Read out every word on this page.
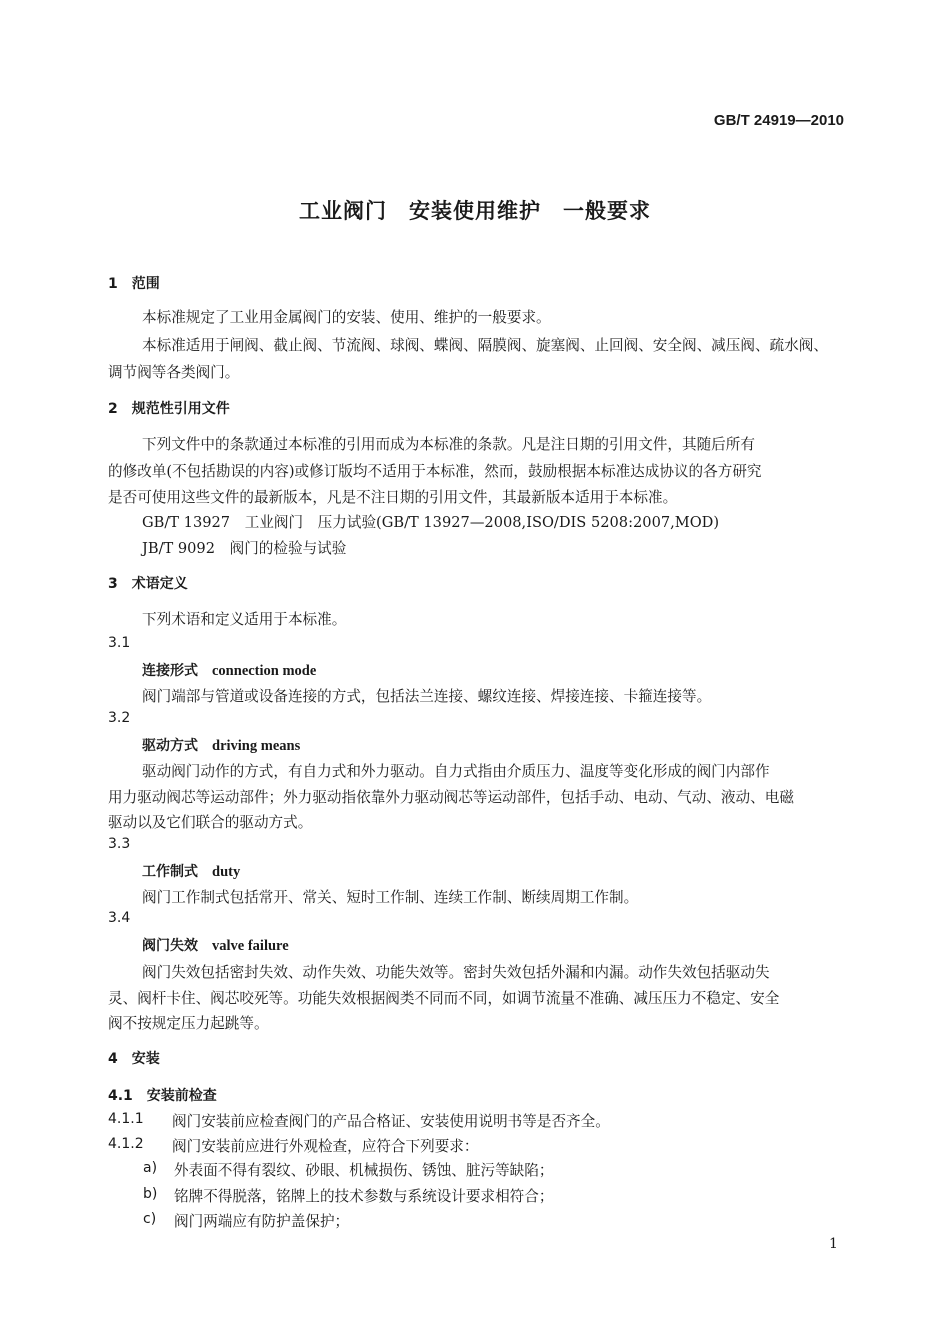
GB/T 24919—2010
工业阀门　安装使用维护　一般要求
1　范围
本标准规定了工业用金属阀门的安装、使用、维护的一般要求。
本标准适用于闸阀、截止阀、节流阀、球阀、蝶阀、隔膜阀、旋塞阀、止回阀、安全阀、减压阀、疏水阀、
调节阀等各类阀门。
2　规范性引用文件
下列文件中的条款通过本标准的引用而成为本标准的条款。凡是注日期的引用文件，其随后所有
的修改单(不包括勘误的内容)或修订版均不适用于本标准，然而，鼓励根据本标准达成协议的各方研究
是否可使用这些文件的最新版本，凡是不注日期的引用文件，其最新版本适用于本标准。
GB/T 13927　工业阀门　压力试验(GB/T 13927—2008,ISO/DIS 5208:2007,MOD)
JB/T 9092　阀门的检验与试验
3　术语定义
下列术语和定义适用于本标准。
3.1
连接形式 connection mode
阀门端部与管道或设备连接的方式，包括法兰连接、螺纹连接、焊接连接、卡箍连接等。
3.2
驱动方式 driving means
驱动阀门动作的方式，有自力式和外力驱动。自力式指由介质压力、温度等变化形成的阀门内部作
用力驱动阀芯等运动部件；外力驱动指依靠外力驱动阀芯等运动部件，包括手动、电动、气动、液动、电磁
驱动以及它们联合的驱动方式。
3.3
工作制式 duty
阀门工作制式包括常开、常关、短时工作制、连续工作制、断续周期工作制。
3.4
阀门失效 valve failure
阀门失效包括密封失效、动作失效、功能失效等。密封失效包括外漏和内漏。动作失效包括驱动失
灵、阀杆卡住、阀芯咬死等。功能失效根据阀类不同而不同，如调节流量不准确、减压压力不稳定、安全
阀不按规定压力起跳等。
4　安装
4.1　安装前检查
4.1.1 阀门安装前应检查阀门的产品合格证、安装使用说明书等是否齐全。
4.1.2 阀门安装前应进行外观检查，应符合下列要求：
a) 外表面不得有裂纹、砂眼、机械损伤、锈蚀、脏污等缺陷；
b) 铭牌不得脱落，铭牌上的技术参数与系统设计要求相符合；
c) 阀门两端应有防护盖保护；
1
